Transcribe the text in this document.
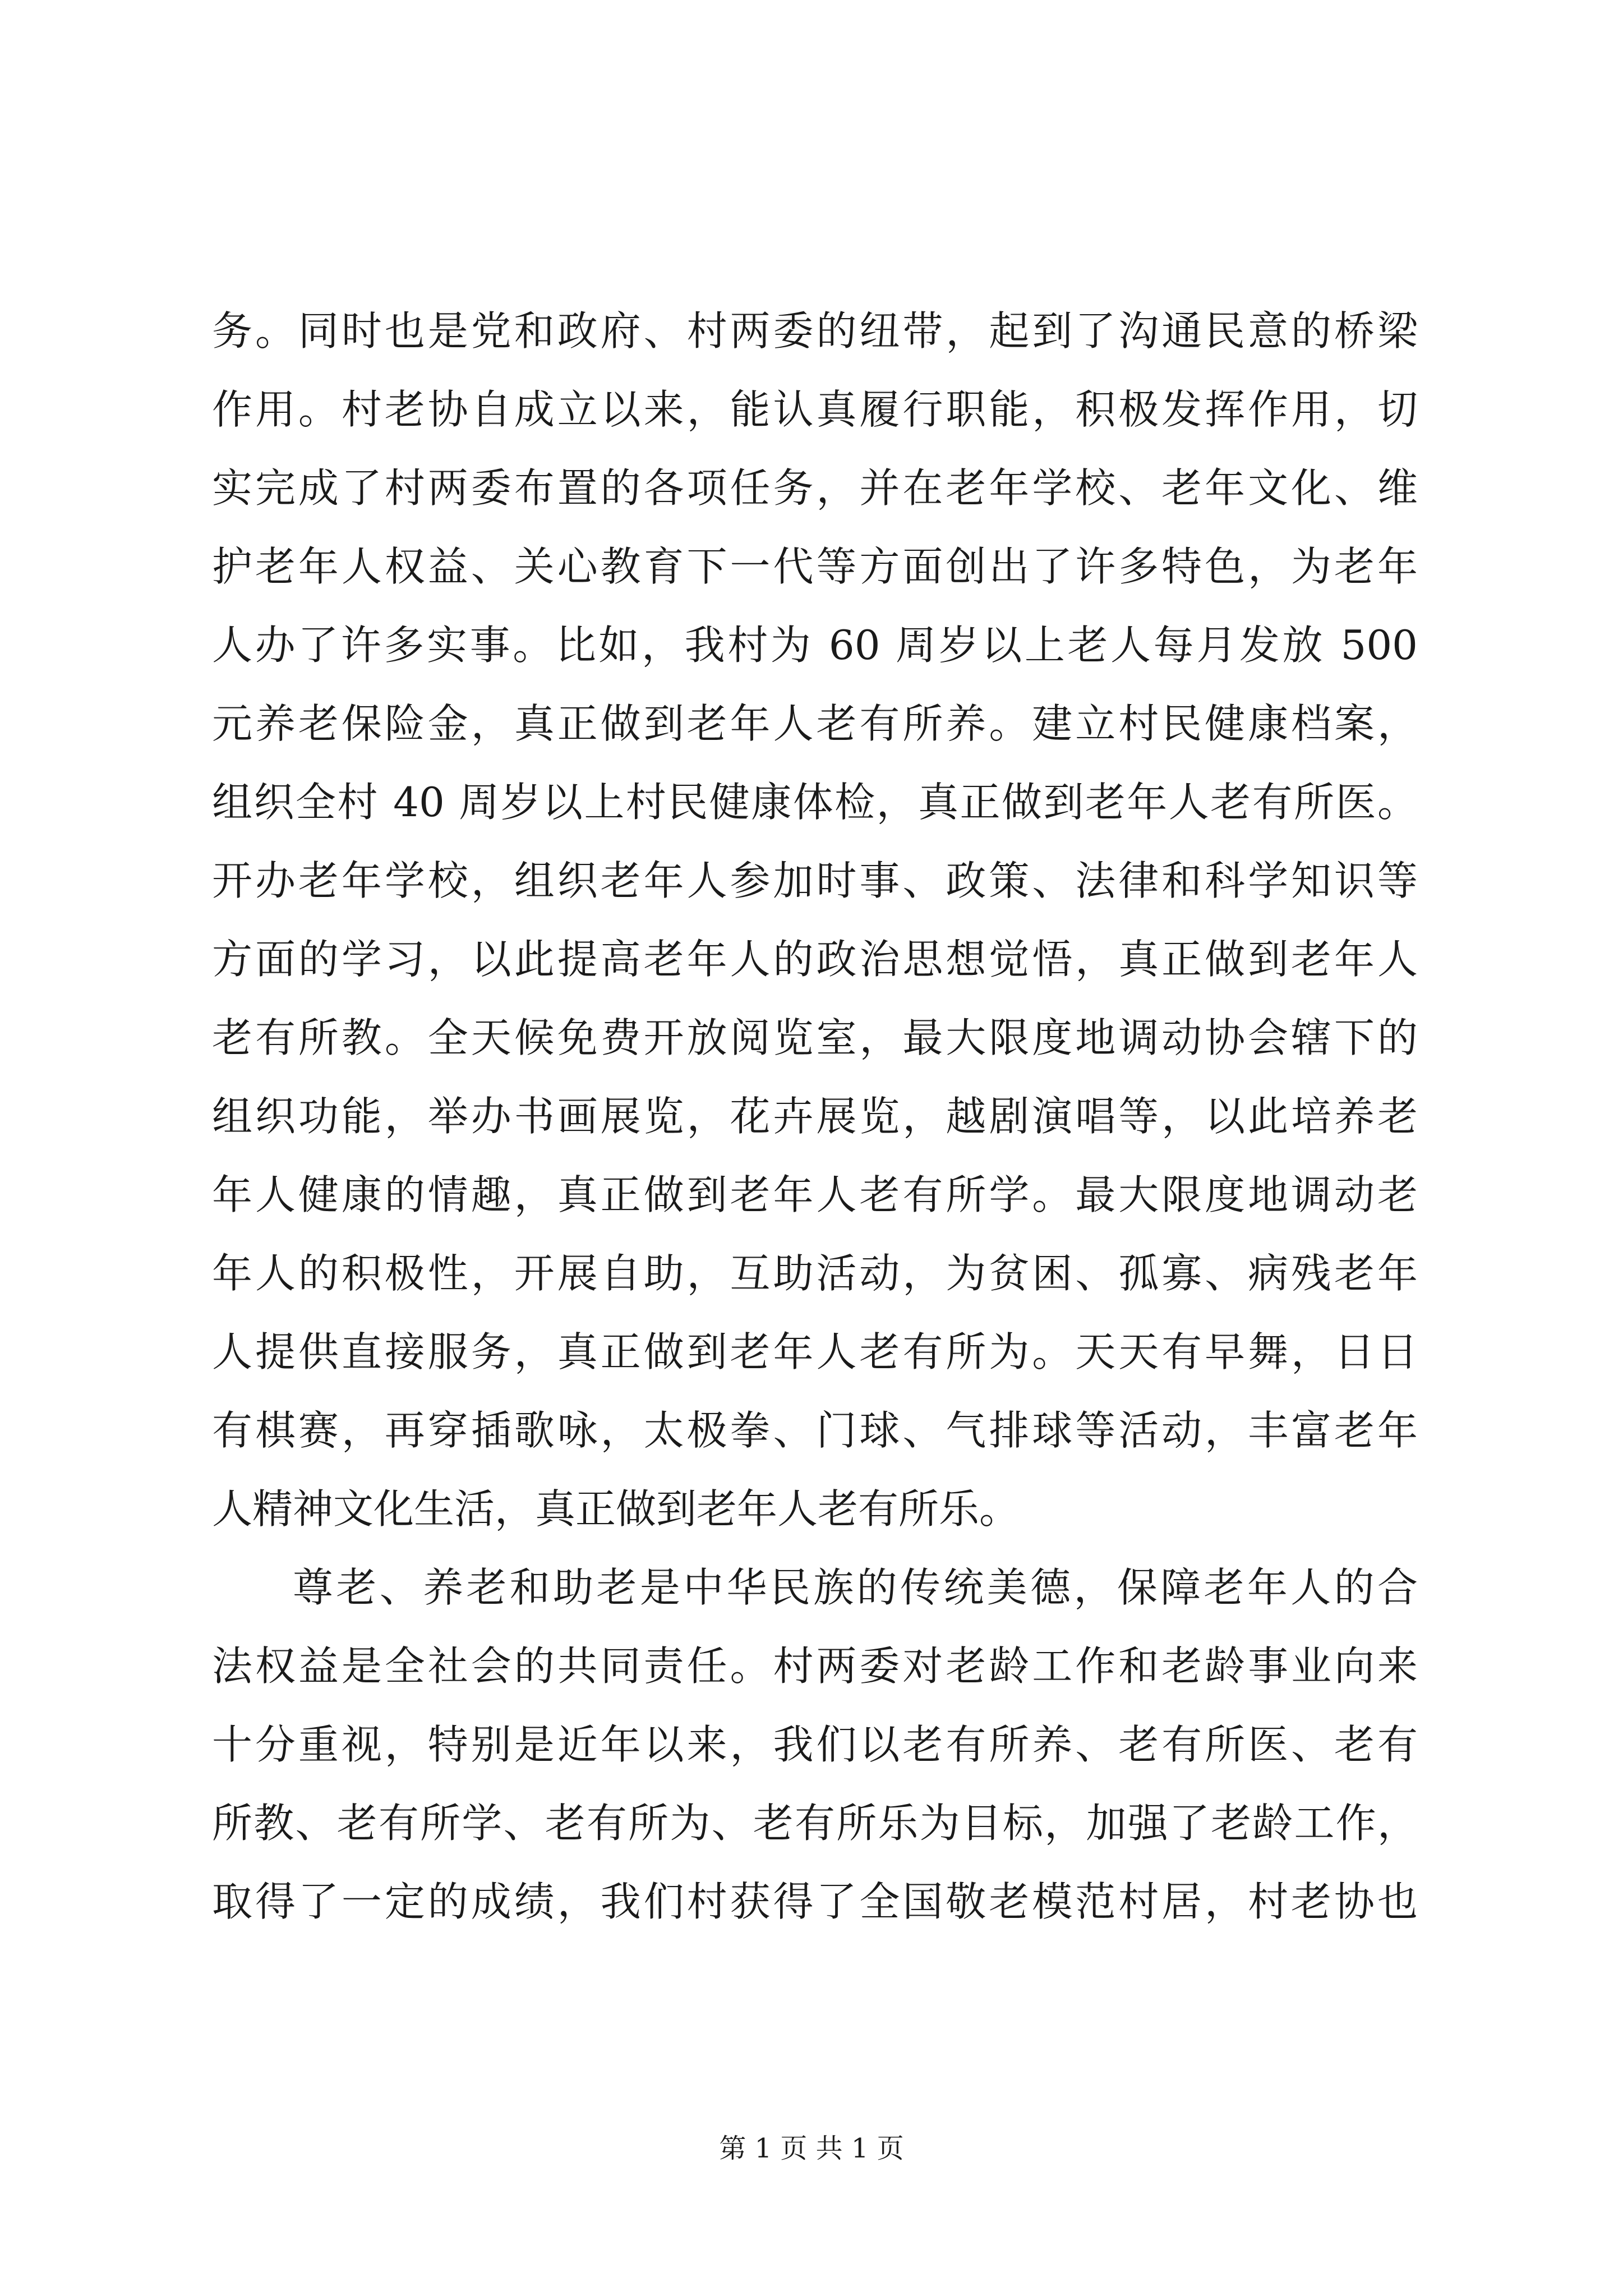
务。同时也是党和政府、村两委的纽带，起到了沟通民意的桥梁
作用。村老协自成立以来，能认真履行职能，积极发挥作用，切
实完成了村两委布置的各项任务，并在老年学校、老年文化、维
护老年人权益、关心教育下一代等方面创出了许多特色，为老年
人办了许多实事。比如，我村为 60 周岁以上老人每月发放 500
元养老保险金，真正做到老年人老有所养。建立村民健康档案，
组织全村 40 周岁以上村民健康体检，真正做到老年人老有所医。
开办老年学校，组织老年人参加时事、政策、法律和科学知识等
方面的学习，以此提高老年人的政治思想觉悟，真正做到老年人
老有所教。全天候免费开放阅览室，最大限度地调动协会辖下的
组织功能，举办书画展览，花卉展览，越剧演唱等，以此培养老
年人健康的情趣，真正做到老年人老有所学。最大限度地调动老
年人的积极性，开展自助，互助活动，为贫困、孤寡、病残老年
人提供直接服务，真正做到老年人老有所为。天天有早舞，日日
有棋赛，再穿插歌咏，太极拳、门球、气排球等活动，丰富老年
人精神文化生活，真正做到老年人老有所乐。
尊老、养老和助老是中华民族的传统美德，保障老年人的合
法权益是全社会的共同责任。村两委对老龄工作和老龄事业向来
十分重视，特别是近年以来，我们以老有所养、老有所医、老有
所教、老有所学、老有所为、老有所乐为目标，加强了老龄工作，
取得了一定的成绩，我们村获得了全国敬老模范村居，村老协也
第 1 页 共 1 页
